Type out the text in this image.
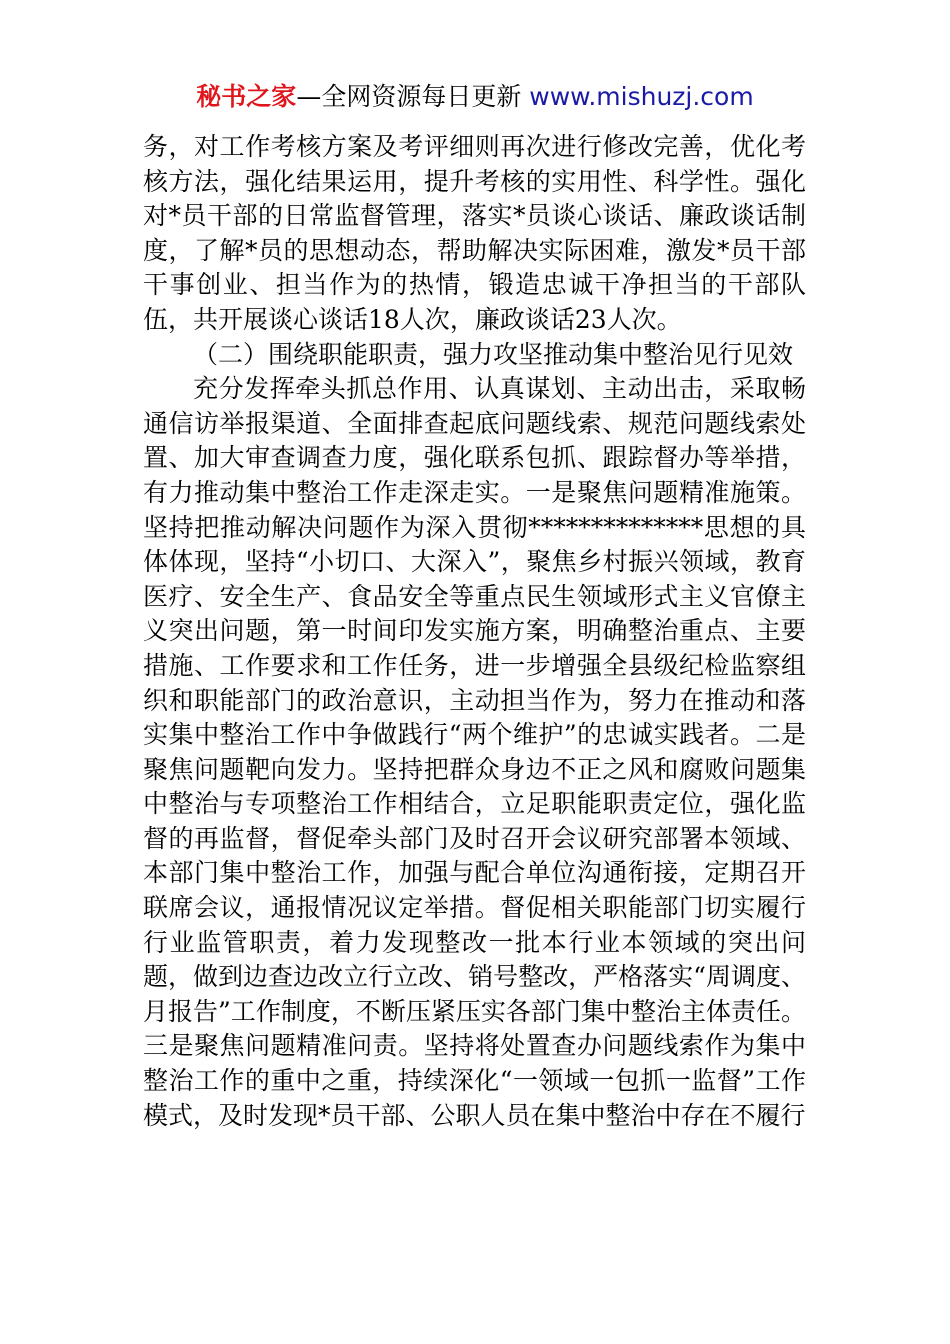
秘书之家—全网资源每日更新 www.mishuzj.com

务，对工作考核方案及考评细则再次进行修改完善，优化考核方法，强化结果运用，提升考核的实用性、科学性。强化对*员干部的日常监督管理，落实*员谈心谈话、廉政谈话制度，了解*员的思想动态，帮助解决实际困难，激发*员干部干事创业、担当作为的热情，锻造忠诚干净担当的干部队伍，共开展谈心谈话18人次，廉政谈话23人次。

（二）围绕职能职责，强力攻坚推动集中整治见行见效

充分发挥牵头抓总作用、认真谋划、主动出击，采取畅通信访举报渠道、全面排查起底问题线索、规范问题线索处置、加大审查调查力度，强化联系包抓、跟踪督办等举措，有力推动集中整治工作走深走实。一是聚焦问题精准施策。坚持把推动解决问题作为深入贯彻**************思想的具体体现，坚持“小切口、大深入”，聚焦乡村振兴领域，教育医疗、安全生产、食品安全等重点民生领域形式主义官僚主义突出问题，第一时间印发实施方案，明确整治重点、主要措施、工作要求和工作任务，进一步增强全县级纪检监察组织和职能部门的政治意识，主动担当作为，努力在推动和落实集中整治工作中争做践行“两个维护”的忠诚实践者。二是聚焦问题靶向发力。坚持把群众身边不正之风和腐败问题集中整治与专项整治工作相结合，立足职能职责定位，强化监督的再监督，督促牵头部门及时召开会议研究部署本领域、本部门集中整治工作，加强与配合单位沟通衔接，定期召开联席会议，通报情况议定举措。督促相关职能部门切实履行行业监管职责，着力发现整改一批本行业本领域的突出问题，做到边查边改立行立改、销号整改，严格落实“周调度、月报告”工作制度，不断压紧压实各部门集中整治主体责任。三是聚焦问题精准问责。坚持将处置查办问题线索作为集中整治工作的重中之重，持续深化“一领域一包抓一监督”工作模式，及时发现*员干部、公职人员在集中整治中存在不履行
